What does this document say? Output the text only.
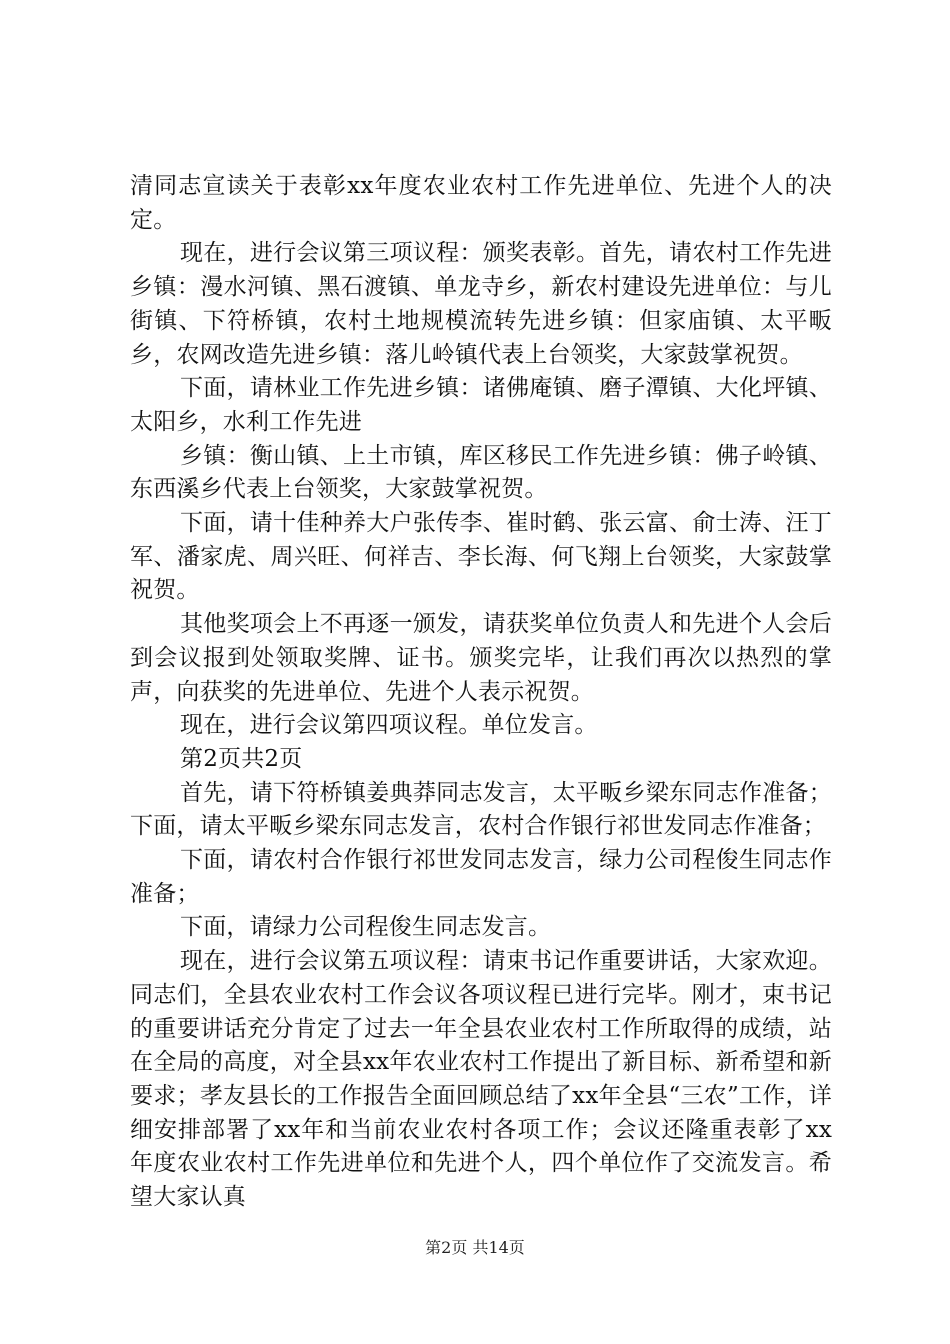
清同志宣读关于表彰xx年度农业农村工作先进单位、先进个人的决定。

现在，进行会议第三项议程：颁奖表彰。首先，请农村工作先进乡镇：漫水河镇、黑石渡镇、单龙寺乡，新农村建设先进单位：与儿街镇、下符桥镇，农村土地规模流转先进乡镇：但家庙镇、太平畈乡，农网改造先进乡镇：落儿岭镇代表上台领奖，大家鼓掌祝贺。

下面，请林业工作先进乡镇：诸佛庵镇、磨子潭镇、大化坪镇、太阳乡，水利工作先进

乡镇：衡山镇、上土市镇，库区移民工作先进乡镇：佛子岭镇、东西溪乡代表上台领奖，大家鼓掌祝贺。

下面，请十佳种养大户张传李、崔时鹤、张云富、俞士涛、汪丁军、潘家虎、周兴旺、何祥吉、李长海、何飞翔上台领奖，大家鼓掌祝贺。

其他奖项会上不再逐一颁发，请获奖单位负责人和先进个人会后到会议报到处领取奖牌、证书。颁奖完毕，让我们再次以热烈的掌声，向获奖的先进单位、先进个人表示祝贺。

现在，进行会议第四项议程。单位发言。

第2页共2页

首先，请下符桥镇姜典莽同志发言，太平畈乡梁东同志作准备；下面，请太平畈乡梁东同志发言，农村合作银行祁世发同志作准备；

下面，请农村合作银行祁世发同志发言，绿力公司程俊生同志作准备；

下面，请绿力公司程俊生同志发言。

现在，进行会议第五项议程：请束书记作重要讲话，大家欢迎。同志们，全县农业农村工作会议各项议程已进行完毕。刚才，束书记的重要讲话充分肯定了过去一年全县农业农村工作所取得的成绩，站在全局的高度，对全县xx年农业农村工作提出了新目标、新希望和新要求；孝友县长的工作报告全面回顾总结了xx年全县“三农”工作，详细安排部署了xx年和当前农业农村各项工作；会议还隆重表彰了xx年度农业农村工作先进单位和先进个人，四个单位作了交流发言。希望大家认真

第2页 共14页
